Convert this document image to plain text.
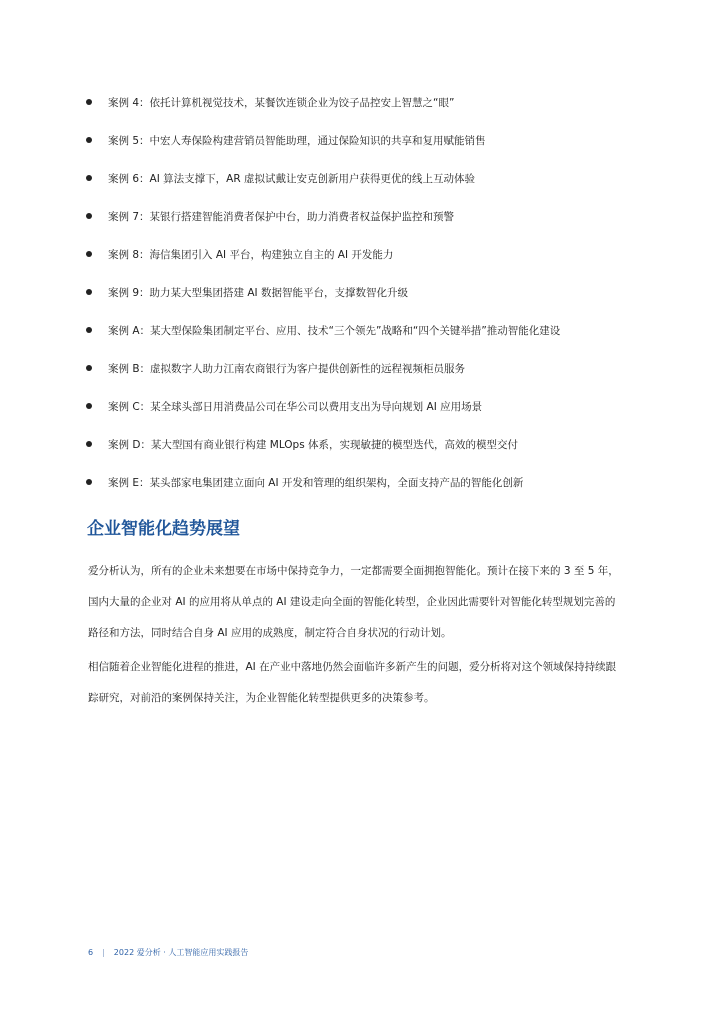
案例 4：依托计算机视觉技术，某餐饮连锁企业为饺子品控安上智慧之“眼”
案例 5：中宏人寿保险构建营销员智能助理，通过保险知识的共享和复用赋能销售
案例 6：AI 算法支撑下，AR 虚拟试戴让安克创新用户获得更优的线上互动体验
案例 7：某银行搭建智能消费者保护中台，助力消费者权益保护监控和预警
案例 8：海信集团引入 AI 平台，构建独立自主的 AI 开发能力
案例 9：助力某大型集团搭建 AI 数据智能平台，支撑数智化升级
案例 A：某大型保险集团制定平台、应用、技术“三个领先”战略和“四个关键举措”推动智能化建设
案例 B：虚拟数字人助力江南农商银行为客户提供创新性的远程视频柜员服务
案例 C：某全球头部日用消费品公司在华公司以费用支出为导向规划 AI 应用场景
案例 D：某大型国有商业银行构建 MLOps 体系，实现敏捷的模型迭代，高效的模型交付
案例 E：某头部家电集团建立面向 AI 开发和管理的组织架构，全面支持产品的智能化创新
企业智能化趋势展望
爱分析认为，所有的企业未来想要在市场中保持竞争力，一定都需要全面拥抱智能化。预计在接下来的 3 至 5 年，
国内大量的企业对 AI 的应用将从单点的 AI 建设走向全面的智能化转型，企业因此需要针对智能化转型规划完善的
路径和方法，同时结合自身 AI 应用的成熟度，制定符合自身状况的行动计划。
相信随着企业智能化进程的推进，AI 在产业中落地仍然会面临许多新产生的问题，爱分析将对这个领域保持持续跟
踪研究，对前沿的案例保持关注，为企业智能化转型提供更多的决策参考。
6 | 2022 爱分析 · 人工智能应用实践报告
